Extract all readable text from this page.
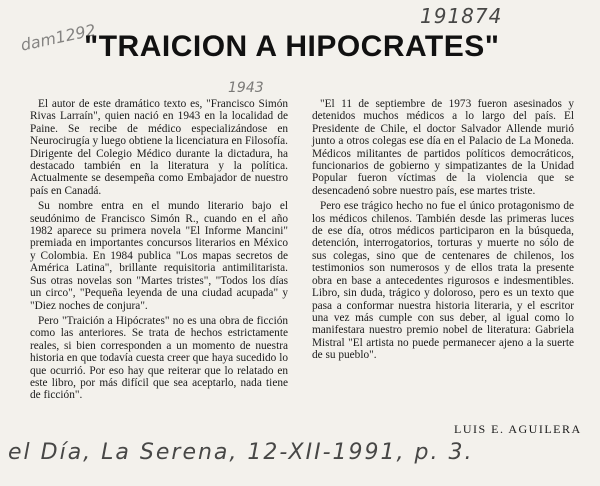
191874
dam1292
1943
"TRAICION A HIPOCRATES"

El autor de este dramático texto es, "Francisco Simón Rivas Larraín", quien nació en 1943 en la localidad de Paine. Se recibe de médico especializándose en Neurocirugía y luego obtiene la licenciatura en Filosofía. Dirigente del Colegio Médico durante la dictadura, ha destacado también en la literatura y la política. Actualmente se desempeña como Embajador de nuestro país en Canadá.

Su nombre entra en el mundo literario bajo el seudónimo de Francisco Simón R., cuando en el año 1982 aparece su primera novela "El Informe Mancini" premiada en importantes concursos literarios en México y Colombia. En 1984 publica "Los mapas secretos de América Latina", brillante requisitoria antimilitarista. Sus otras novelas son "Martes tristes", "Todos los días un circo", "Pequeña leyenda de una ciudad acupada" y "Diez noches de conjura".

Pero "Traición a Hipócrates" no es una obra de ficción como las anteriores. Se trata de hechos estrictamente reales, si bien corresponden a un momento de nuestra historia en que todavía cuesta creer que haya sucedido lo que ocurrió. Por eso hay que reiterar que lo relatado en este libro, por más difícil que sea aceptarlo, nada tiene de ficción".

"El 11 de septiembre de 1973 fueron asesinados y detenidos muchos médicos a lo largo del país. El Presidente de Chile, el doctor Salvador Allende murió junto a otros colegas ese día en el Palacio de La Moneda. Médicos militantes de partidos políticos democráticos, funcionarios de gobierno y simpatizantes de la Unidad Popular fueron víctimas de la violencia que se desencadenó sobre nuestro país, ese martes triste.

Pero ese trágico hecho no fue el único protagonismo de los médicos chilenos. También desde las primeras luces de ese día, otros médicos participaron en la búsqueda, detención, interrogatorios, torturas y muerte no sólo de sus colegas, sino que de centenares de chilenos, los testimonios son numerosos y de ellos trata la presente obra en base a antecedentes rigurosos e indesmentibles. Libro, sin duda, trágico y doloroso, pero es un texto que pasa a conformar nuestra historia literaria, y el escritor una vez más cumple con sus deber, al igual como lo manifestara nuestro premio nobel de literatura: Gabriela Mistral "El artista no puede permanecer ajeno a la suerte de su pueblo".

LUIS E. AGUILERA

el Día, La Serena, 12-XII-1991, p. 3.
